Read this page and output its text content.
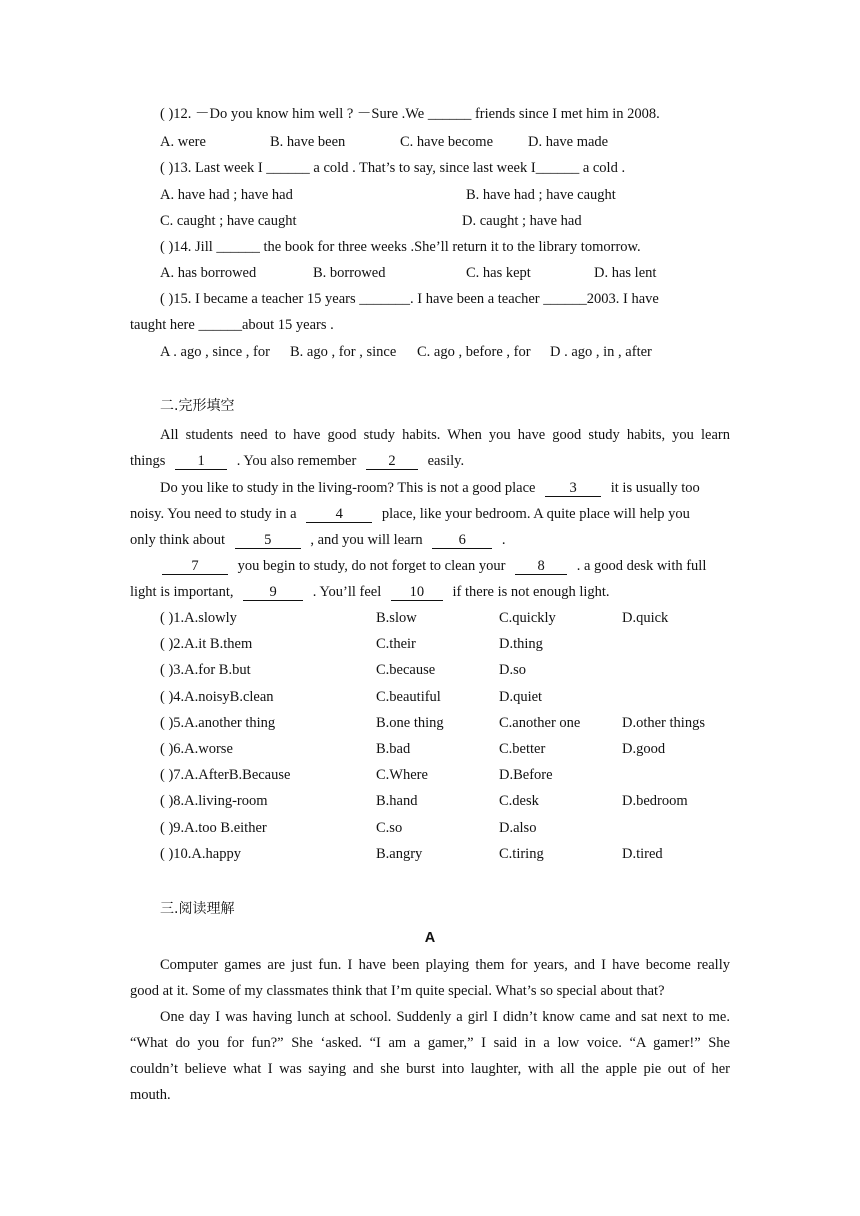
( )12. －Do you know him well ? －Sure .We ______ friends since I met him in 2008.
A. were	B. have been	C. have become D. have made
( )13. Last week I ______ a cold . That’s to say, since last week I______ a cold .
A. have had ; have had	B. have had ; have caught
C. caught ; have caught	D. caught ; have had
( )14. Jill ______ the book for three weeks .She’ll return it to the library tomorrow.
A. has borrowed	B. borrowed	C. has kept	D. has lent
( )15. I became a teacher 15 years _______. I have been a teacher ______2003. I have
taught here ______about 15 years .
A . ago , since , for B. ago , for , since C. ago , before , for D . ago , in , after
二.完形填空
All students need to have good study habits. When you have good study habits, you learn
things 1 . You also remember 2 easily.
Do you like to study in the living-room? This is not a good place 3 it is usually too
noisy. You need to study in a	4	place, like your bedroom. A quite place will help you
only think about	5	, and you will learn 6 .
7	you begin to study, do not forget to clean your 8 . a good desk with full
light is important, 9 . You’ll feel 10 if there is not enough light.
( )1.A.slowly	B.slow	C.quickly	D.quick
( )2.A.it B.them	C.their	D.thing
( )3.A.for B.but	C.because	D.so
( )4.A.noisyB.clean	C.beautiful	D.quiet
( )5.A.another thing	B.one thing	C.another one	D.other things
( )6.A.worse	B.bad	C.better	D.good
( )7.A.AfterB.Because	C.Where	D.Before
( )8.A.living-room	B.hand	C.desk	D.bedroom
( )9.A.too B.either	C.so	D.also
( )10.A.happy	B.angry	C.tiring	D.tired
三.阅读理解
A
Computer games are just fun. I have been playing them for years, and I have become really
good at it. Some of my classmates think that I’m quite special. What’s so special about that?
One day I was having lunch at school. Suddenly a girl I didn’t know came and sat next to me.
“What do you for fun?” She ‘asked. “I am a gamer,” I said in a low voice. “A gamer!” She
couldn’t believe what I was saying and she burst into laughter, with all the apple pie out of her
mouth.
